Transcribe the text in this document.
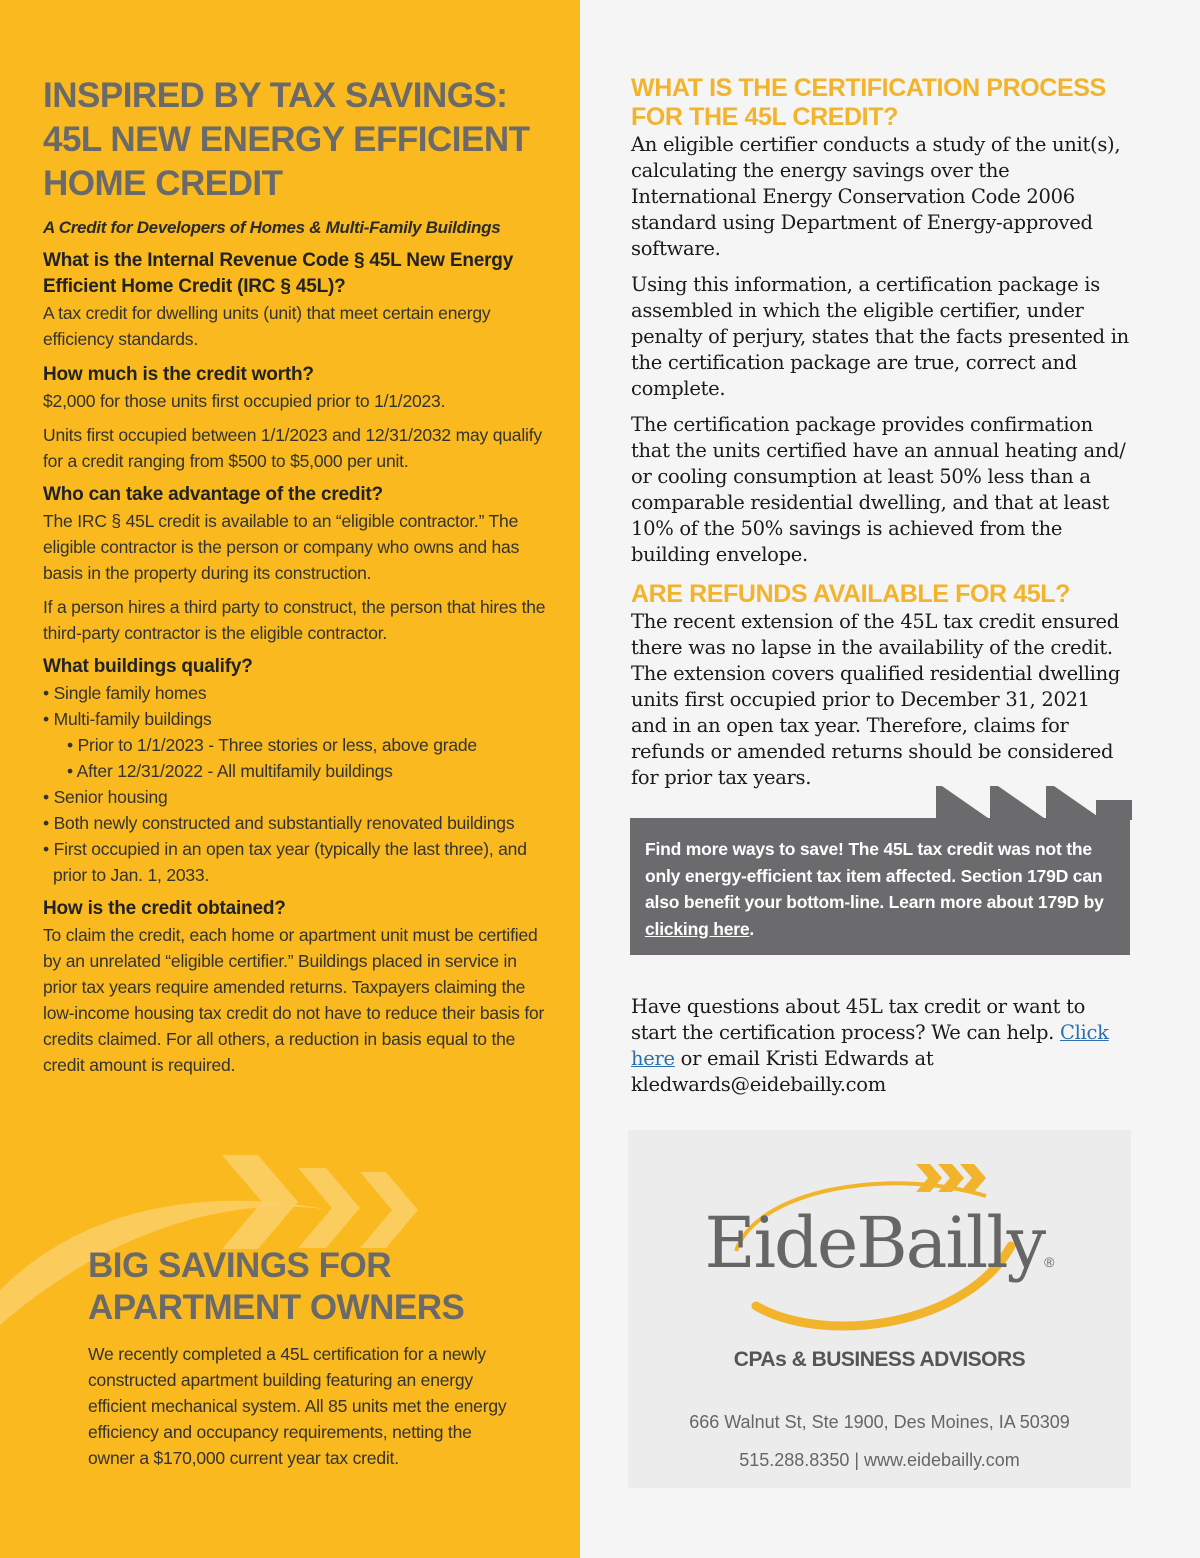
INSPIRED BY TAX SAVINGS:
45L NEW ENERGY EFFICIENT
HOME CREDIT
A Credit for Developers of Homes & Multi-Family Buildings

What is the Internal Revenue Code § 45L New Energy Efficient Home Credit (IRC § 45L)?

A tax credit for dwelling units (unit) that meet certain energy efficiency standards.

How much is the credit worth?

$2,000 for those units first occupied prior to 1/1/2023.

Units first occupied between 1/1/2023 and 12/31/2032 may qualify for a credit ranging from $500 to $5,000 per unit.

Who can take advantage of the credit?

The IRC § 45L credit is available to an “eligible contractor.” The eligible contractor is the person or company who owns and has basis in the property during its construction.

If a person hires a third party to construct, the person that hires the third-party contractor is the eligible contractor.

What buildings qualify?

• Single family homes
• Multi-family buildings
• Prior to 1/1/2023 - Three stories or less, above grade
• After 12/31/2022 - All multifamily buildings
• Senior housing
• Both newly constructed and substantially renovated buildings
• First occupied in an open tax year (typically the last three), and prior to Jan. 1, 2033.

How is the credit obtained?

To claim the credit, each home or apartment unit must be certified by an unrelated “eligible certifier.” Buildings placed in service in prior tax years require amended returns. Taxpayers claiming the low-income housing tax credit do not have to reduce their basis for credits claimed. For all others, a reduction in basis equal to the credit amount is required.

BIG SAVINGS FOR
APARTMENT OWNERS

We recently completed a 45L certification for a newly constructed apartment building featuring an energy efficient mechanical system. All 85 units met the energy efficiency and occupancy requirements, netting the owner a $170,000 current year tax credit.

WHAT IS THE CERTIFICATION PROCESS
FOR THE 45L CREDIT?

An eligible certifier conducts a study of the unit(s), calculating the energy savings over the International Energy Conservation Code 2006 standard using Department of Energy-approved software.

Using this information, a certification package is assembled in which the eligible certifier, under penalty of perjury, states that the facts presented in the certification package are true, correct and complete.

The certification package provides confirmation that the units certified have an annual heating and/ or cooling consumption at least 50% less than a comparable residential dwelling, and that at least 10% of the 50% savings is achieved from the building envelope.

ARE REFUNDS AVAILABLE FOR 45L?

The recent extension of the 45L tax credit ensured there was no lapse in the availability of the credit. The extension covers qualified residential dwelling units first occupied prior to December 31, 2021 and in an open tax year. Therefore, claims for refunds or amended returns should be considered for prior tax years.

Find more ways to save! The 45L tax credit was not the only energy-efficient tax item affected. Section 179D can also benefit your bottom-line. Learn more about 179D by clicking here.

Have questions about 45L tax credit or want to start the certification process? We can help. Click here or email Kristi Edwards at kledwards@eidebailly.com

EideBailly®
CPAs & BUSINESS ADVISORS
666 Walnut St, Ste 1900, Des Moines, IA 50309
515.288.8350 | www.eidebailly.com
